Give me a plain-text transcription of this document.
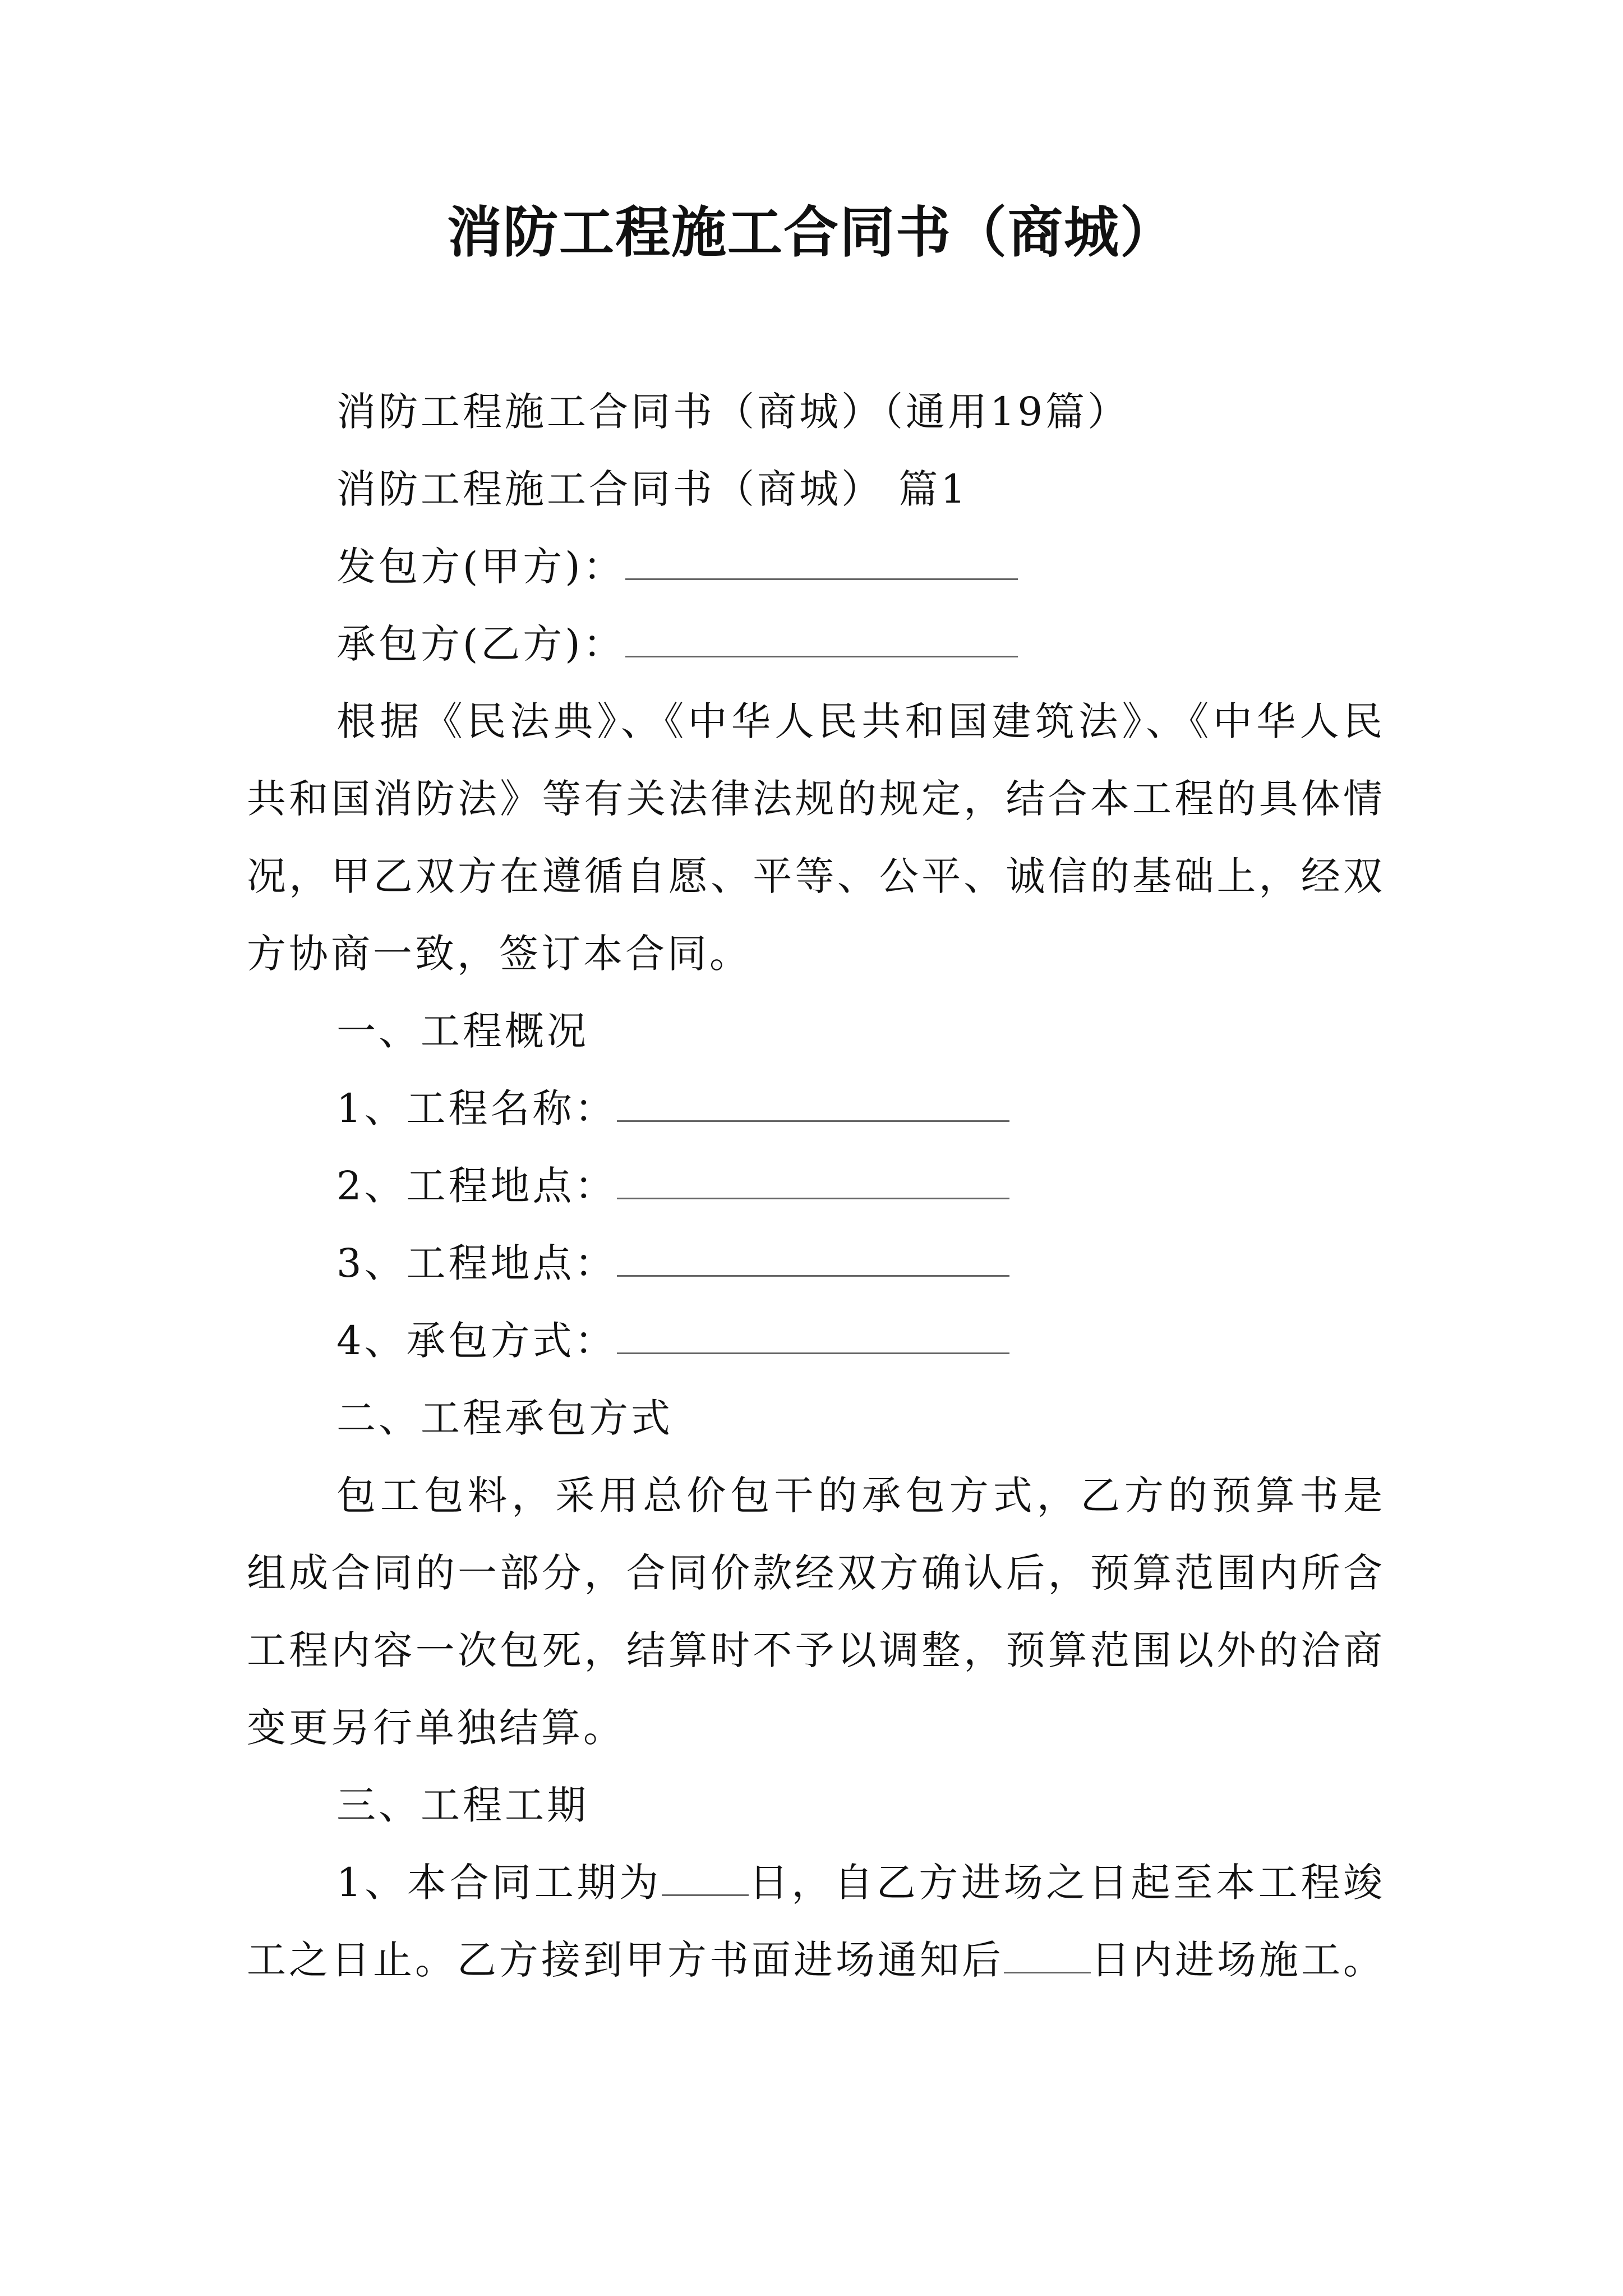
消防工程施工合同书（商城）

消防工程施工合同书（商城）（通用19篇）

消防工程施工合同书（商城） 篇1

发包方(甲方)：

承包方(乙方)：

根据《民法典》、《中华人民共和国建筑法》、《中华人民共和国消防法》等有关法律法规的规定，结合本工程的具体情况，甲乙双方在遵循自愿、平等、公平、诚信的基础上，经双方协商一致，签订本合同。

一、工程概况

1、工程名称：

2、工程地点：

3、工程地点：

4、承包方式：

二、工程承包方式

包工包料，采用总价包干的承包方式，乙方的预算书是组成合同的一部分，合同价款经双方确认后，预算范围内所含工程内容一次包死，结算时不予以调整，预算范围以外的洽商变更另行单独结算。

三、工程工期

1、本合同工期为 日，自乙方进场之日起至本工程竣工之日止。乙方接到甲方书面进场通知后 日内进场施工。
